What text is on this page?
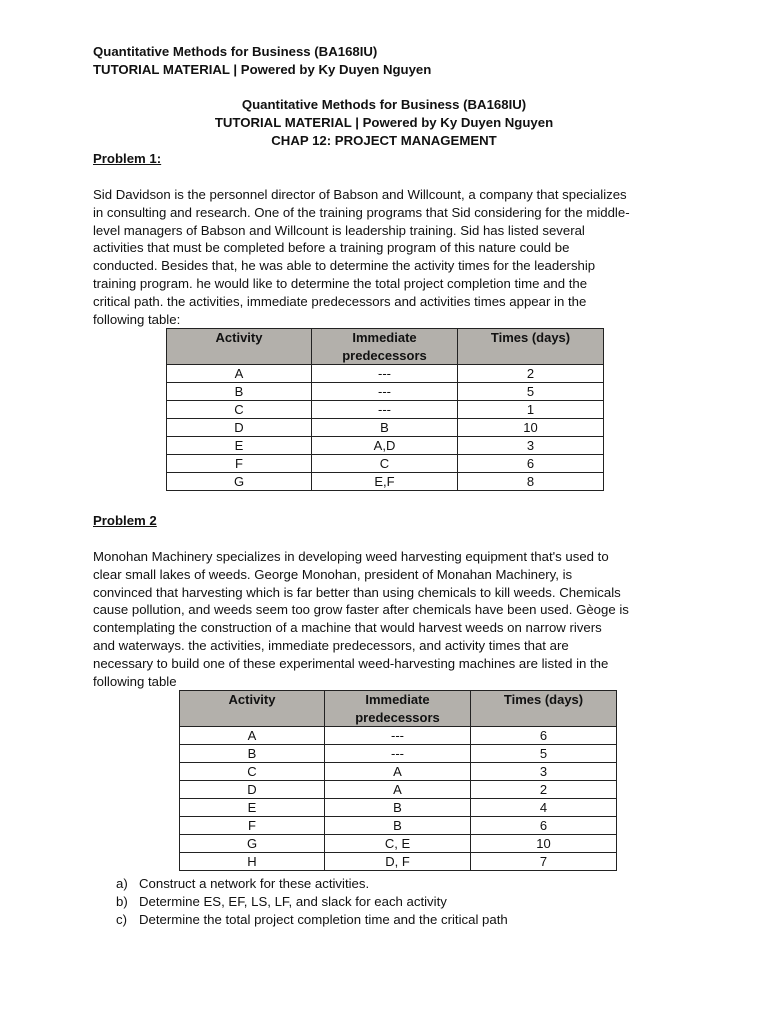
Quantitative Methods for Business (BA168IU)
TUTORIAL MATERIAL | Powered by Ky Duyen Nguyen
Quantitative Methods for Business (BA168IU)
TUTORIAL MATERIAL | Powered by Ky Duyen Nguyen
CHAP 12: PROJECT MANAGEMENT
Problem 1:
Sid Davidson is the personnel director of Babson and Willcount, a company that specializes
in consulting and research. One of the training programs that Sid considering for the middle-
level managers of Babson and Willcount is leadership training. Sid has listed several
activities that must be completed before a training program of this nature could be
conducted. Besides that, he was able to determine the activity times for the leadership
training program. he would like to determine the total project completion time and the
critical path. the activities, immediate predecessors and activities times appear in the
following table:
Activity	Immediate predecessors	Times (days)
A	---	2
B	---	5
C	---	1
D	B	10
E	A,D	3
F	C	6
G	E,F	8
Problem 2
Monohan Machinery specializes in developing weed harvesting equipment that's used to
clear small lakes of weeds. George Monohan, president of Monahan Machinery, is
convinced that harvesting which is far better than using chemicals to kill weeds. Chemicals
cause pollution, and weeds seem too grow faster after chemicals have been used. Gèoge is
contemplating the construction of a machine that would harvest weeds on narrow rivers
and waterways. the activities, immediate predecessors, and activity times that are
necessary to build one of these experimental weed-harvesting machines are listed in the
following table
Activity	Immediate predecessors	Times (days)
A	---	6
B	---	5
C	A	3
D	A	2
E	B	4
F	B	6
G	C, E	10
H	D, F	7
a) Construct a network for these activities.
b) Determine ES, EF, LS, LF, and slack for each activity
c) Determine the total project completion time and the critical path
